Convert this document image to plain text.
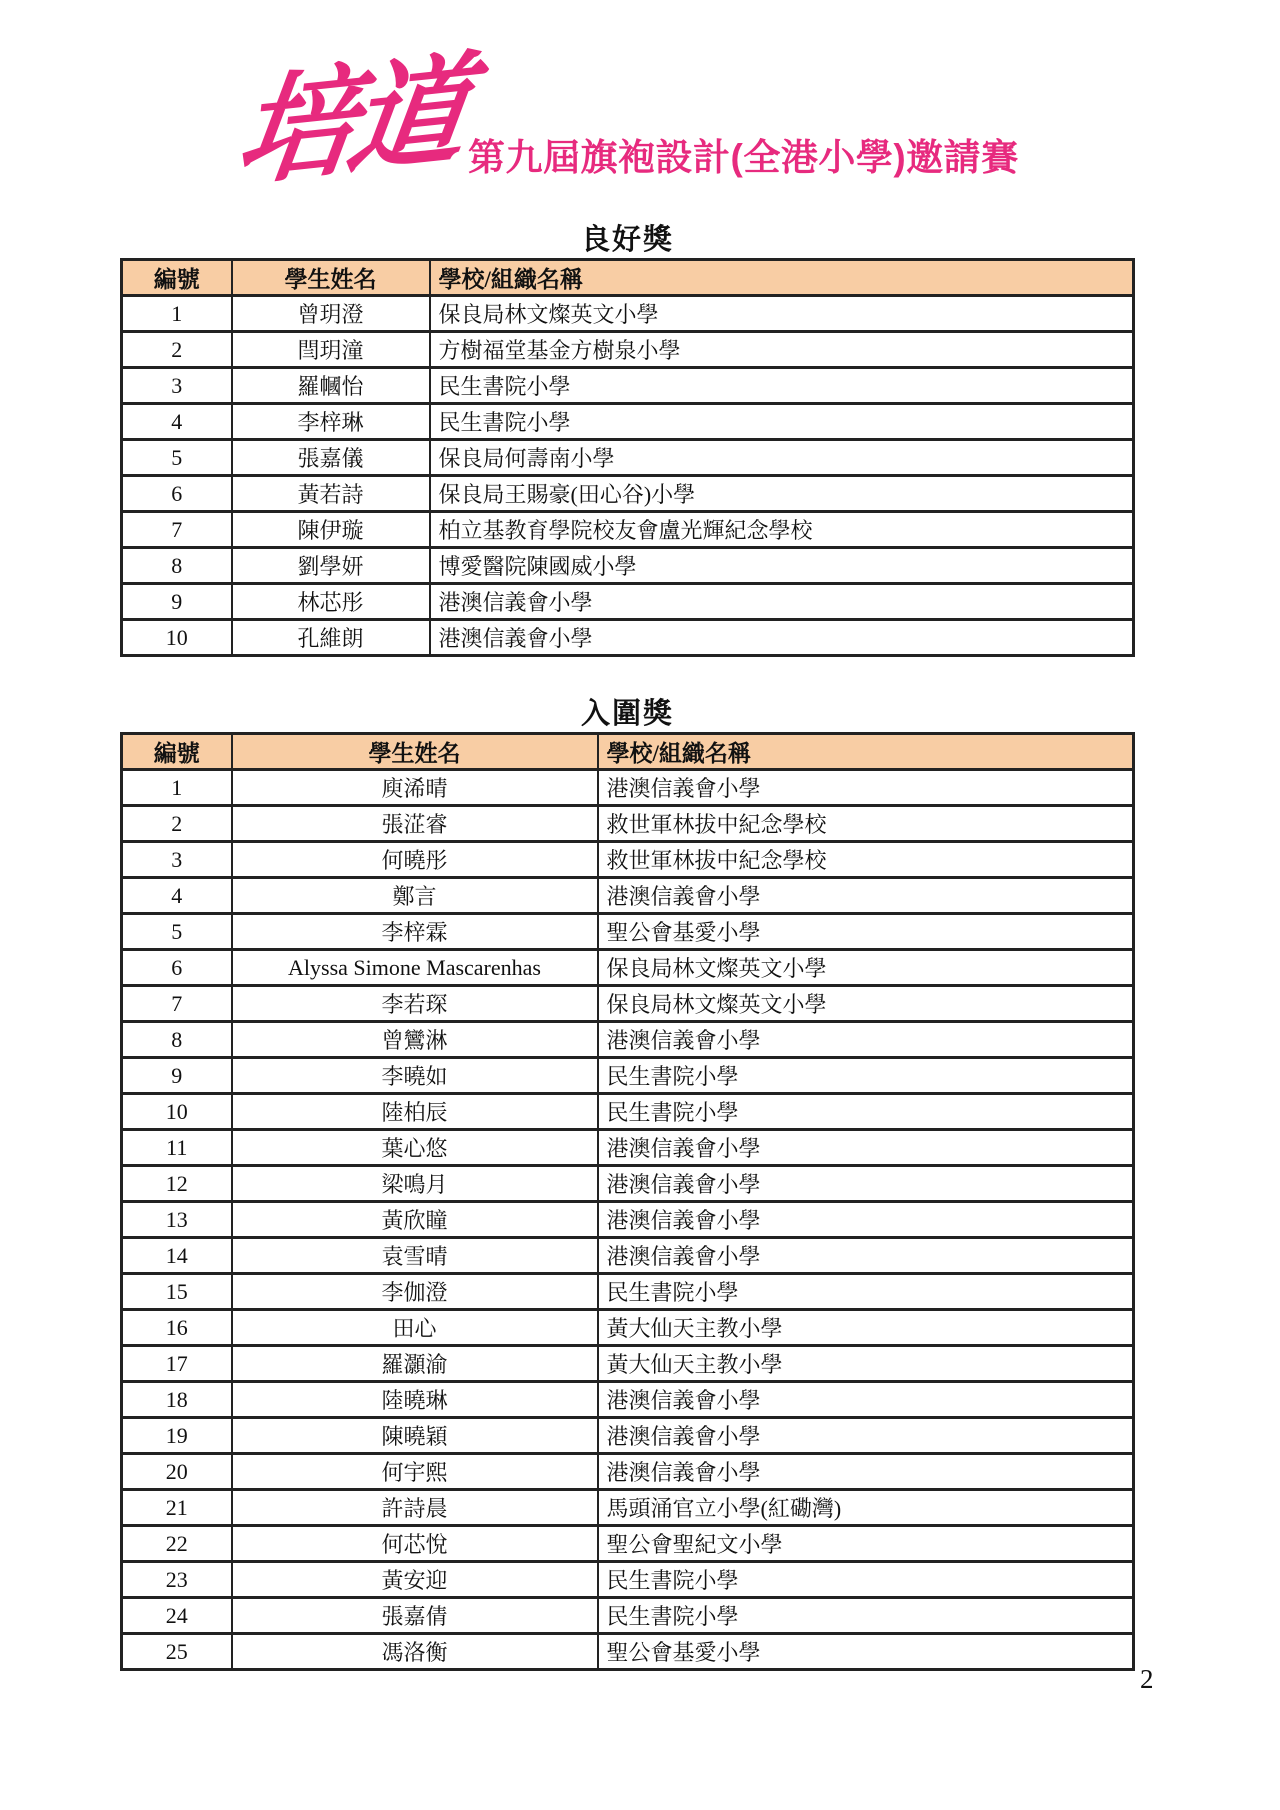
培道
第九屆旗袍設計(全港小學)邀請賽
良好獎
編號	學生姓名	學校/組織名稱
1	曾玥澄	保良局林文燦英文小學
2	閆玥潼	方樹福堂基金方樹泉小學
3	羅幗怡	民生書院小學
4	李梓琳	民生書院小學
5	張嘉儀	保良局何壽南小學
6	黃若詩	保良局王賜豪(田心谷)小學
7	陳伊璇	柏立基教育學院校友會盧光輝紀念學校
8	劉學妍	博愛醫院陳國威小學
9	林芯彤	港澳信義會小學
10	孔維朗	港澳信義會小學
入圍獎
編號	學生姓名	學校/組織名稱
1	庾浠晴	港澳信義會小學
2	張淽睿	救世軍林拔中紀念學校
3	何曉彤	救世軍林拔中紀念學校
4	鄭言	港澳信義會小學
5	李梓霖	聖公會基愛小學
6	Alyssa Simone Mascarenhas	保良局林文燦英文小學
7	李若琛	保良局林文燦英文小學
8	曾鸞淋	港澳信義會小學
9	李曉如	民生書院小學
10	陸柏辰	民生書院小學
11	葉心悠	港澳信義會小學
12	梁鳴月	港澳信義會小學
13	黃欣瞳	港澳信義會小學
14	袁雪晴	港澳信義會小學
15	李伽澄	民生書院小學
16	田心	黃大仙天主教小學
17	羅灝渝	黃大仙天主教小學
18	陸曉琳	港澳信義會小學
19	陳曉穎	港澳信義會小學
20	何宇熙	港澳信義會小學
21	許詩晨	馬頭涌官立小學(紅磡灣)
22	何芯悅	聖公會聖紀文小學
23	黃安迎	民生書院小學
24	張嘉倩	民生書院小學
25	馮洛衡	聖公會基愛小學
2
